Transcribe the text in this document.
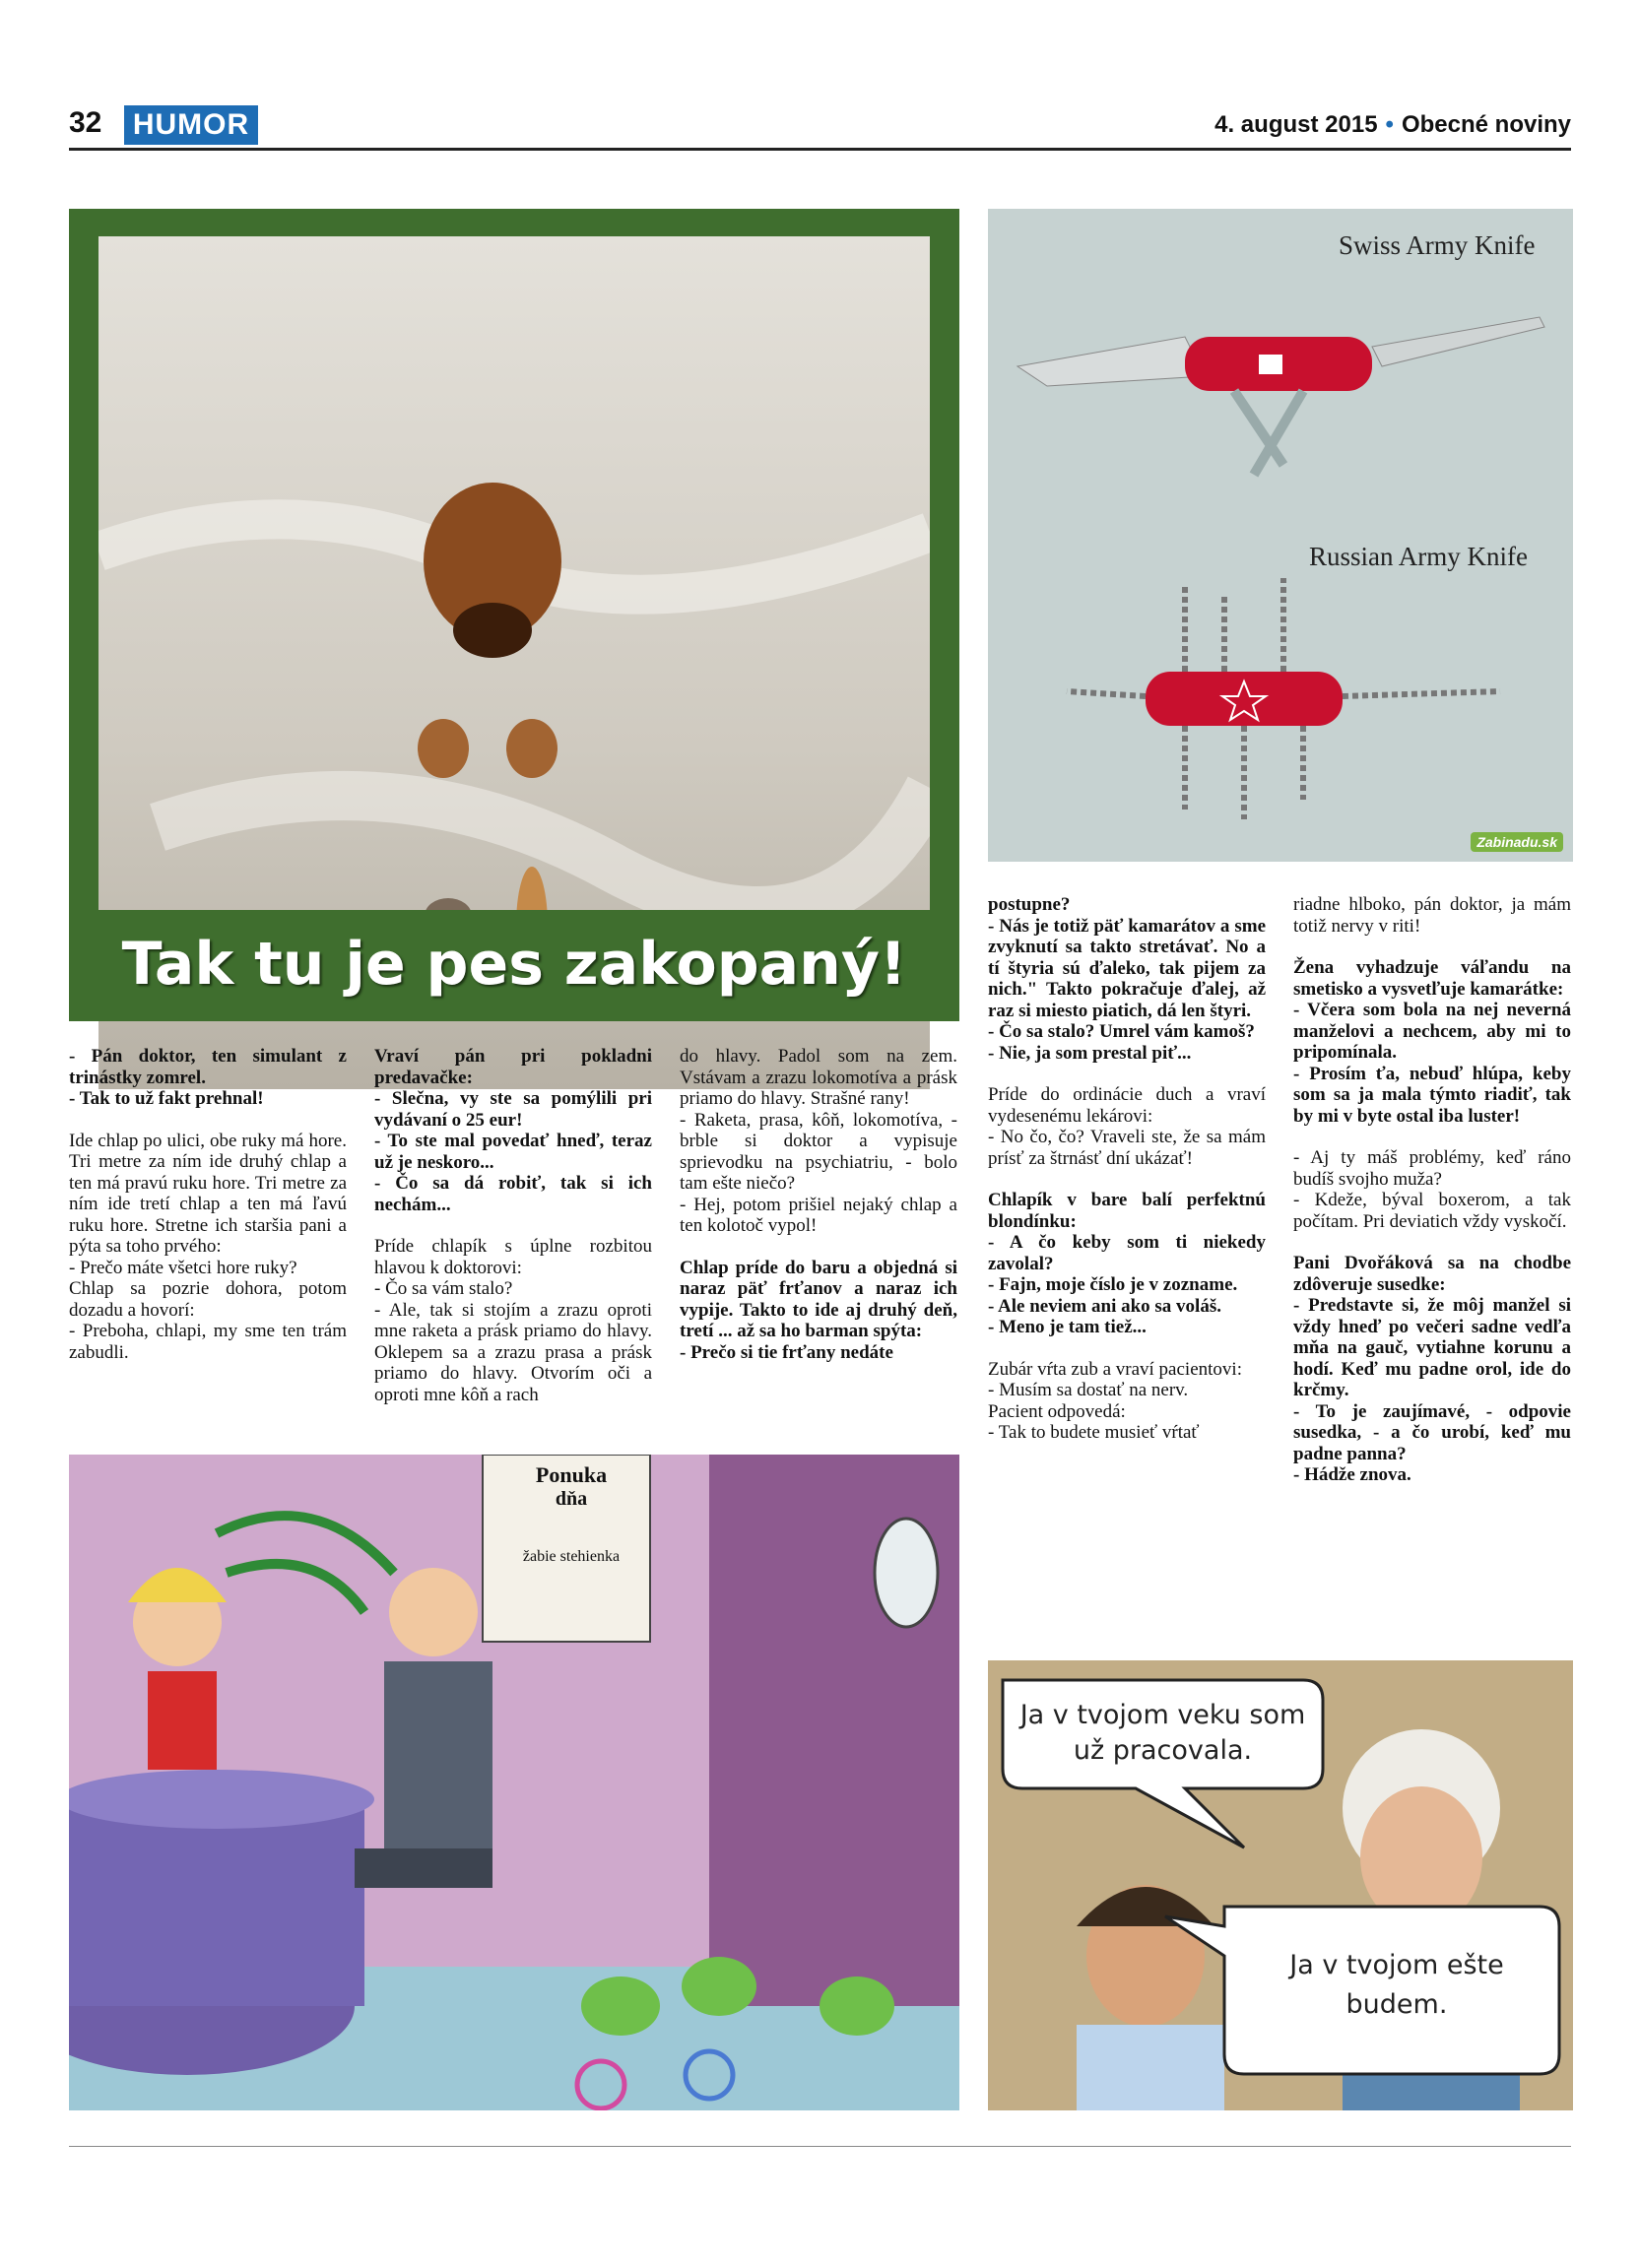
32 HUMOR	4. august 2015 • Obecné noviny
Tak tu je pes zakopaný!
Swiss Army Knife
Russian Army Knife
Zabinadu.sk

- Pán doktor, ten simulant z trinástky zomrel.
- Tak to už fakt prehnal!

Ide chlap po ulici, obe ruky má hore. Tri metre za ním ide druhý chlap a ten má pravú ruku hore. Tri metre za ním ide tretí chlap a ten má ľavú ruku hore. Stretne ich staršia pani a pýta sa toho prvého:
- Prečo máte všetci hore ruky?
Chlap sa pozrie dohora, potom dozadu a hovorí:
- Preboha, chlapi, my sme ten trám zabudli.

Vraví pán pri pokladni predavačke:
- Slečna, vy ste sa pomýlili pri vydávaní o 25 eur!
- To ste mal povedať hneď, teraz už je neskoro...
- Čo sa dá robiť, tak si ich nechám...

Príde chlapík s úplne rozbitou hlavou k doktorovi:
- Čo sa vám stalo?
- Ale, tak si stojím a zrazu oproti mne raketa a prásk priamo do hlavy. Oklepem sa a zrazu prasa a prásk priamo do hlavy. Otvorím oči a oproti mne kôň a rach

do hlavy. Padol som na zem. Vstávam a zrazu lokomotíva a prásk priamo do hlavy. Strašné rany!
- Raketa, prasa, kôň, lokomotíva, - brble si doktor a vypisuje sprievodku na psychiatriu, - bolo tam ešte niečo?
- Hej, potom prišiel nejaký chlap a ten kolotoč vypol!

Chlap príde do baru a objedná si naraz päť frťanov a naraz ich vypije. Takto to ide aj druhý deň, tretí ... až sa ho barman spýta:
- Prečo si tie frťany nedáte

postupne?
- Nás je totiž päť kamarátov a sme zvyknutí sa takto stretávať. No a tí štyria sú ďaleko, tak pijem za nich." Takto pokračuje ďalej, až raz si miesto piatich, dá len štyri.
- Čo sa stalo? Umrel vám kamoš?
- Nie, ja som prestal piť...

Príde do ordinácie duch a vraví vydesenému lekárovi:
- No čo, čo? Vraveli ste, že sa mám prísť za štrnásť dní ukázať!

Chlapík v bare balí perfektnú blondínku:
- A čo keby som ti niekedy zavolal?
- Fajn, moje číslo je v zozname.
- Ale neviem ani ako sa voláš.
- Meno je tam tiež...

Zubár vŕta zub a vraví pacientovi:
- Musím sa dostať na nerv.
Pacient odpovedá:
- Tak to budete musieť vŕtať

riadne hlboko, pán doktor, ja mám totiž nervy v riti!

Žena vyhadzuje váľandu na smetisko a vysvetľuje kamarátke:
- Včera som bola na nej neverná manželovi a nechcem, aby mi to pripomínala.
- Prosím ťa, nebuď hlúpa, keby som sa ja mala týmto riadiť, tak by mi v byte ostal iba luster!

- Aj ty máš problémy, keď ráno budíš svojho muža?
- Kdeže, býval boxerom, a tak počítam. Pri deviatich vždy vyskočí.

Pani Dvořáková sa na chodbe zdôveruje susedke:
- Predstavte si, že môj manžel si vždy hneď po večeri sadne vedľa mňa na gauč, vytiahne korunu a hodí. Keď mu padne orol, ide do krčmy.
- To je zaujímavé, - odpovie susedka, - a čo urobí, keď mu padne panna?
- Hádže znova.

Ponuka
dňa
žabie stehienka
Ja v tvojom veku som už pracovala.
Ja v tvojom ešte budem.
